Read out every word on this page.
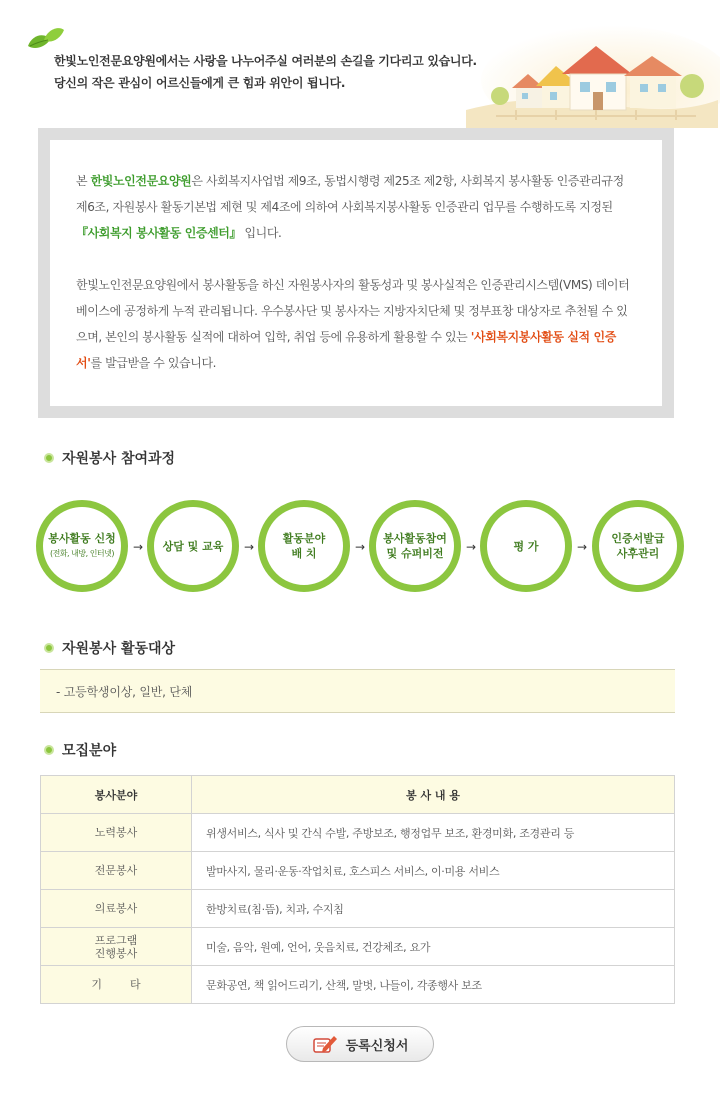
한빛노인전문요양원에서는 사랑을 나누어주실 여러분의 손길을 기다리고 있습니다.
당신의 작은 관심이 어르신들에게 큰 힘과 위안이 됩니다.

본 한빛노인전문요양원은 사회복지사업법 제9조, 동법시행령 제25조 제2항, 사회복지 봉사활동 인증관리규정 제6조, 자원봉사 활동기본법 제현 및 제4조에 의하여 사회복지봉사활동 인증관리 업무를 수행하도록 지정된 『사회복지 봉사활동 인증센터』 입니다.

한빛노인전문요양원에서 봉사활동을 하신 자원봉사자의 활동성과 및 봉사실적은 인증관리시스템(VMS) 데이터베이스에 공정하게 누적 관리됩니다. 우수봉사단 및 봉사자는 지방자치단체 및 정부표창 대상자로 추천될 수 있으며, 본인의 봉사활동 실적에 대하여 입학, 취업 등에 유용하게 활용할 수 있는 '사회복지봉사활동 실적 인증서'를 발급받을 수 있습니다.

자원봉사 참여과정
봉사활동 신청
(전화, 내방, 인터넷) → 상담 및 교육 →
활동분야
배 치	→
봉사활동참여
및 슈퍼비전 →	평 가	→
인증서발급
사후관리
자원봉사 활동대상
- 고등학생이상, 일반, 단체
모집분야
봉사분야	봉 사 내 용
노력봉사	위생서비스, 식사 및 간식 수발, 주방보조, 행정업무 보조, 환경미화, 조경관리 등
전문봉사	발마사지, 물리·운동·작업치료, 호스피스 서비스, 이·미용 서비스
의료봉사	한방치료(침·뜸), 치과, 수지침

프로그램
진행봉사	미술, 음악, 원예, 언어, 웃음치료, 건강체조, 요가
기        타	문화공연, 책 읽어드리기, 산책, 말벗, 나들이, 각종행사 보조
등록신청서
